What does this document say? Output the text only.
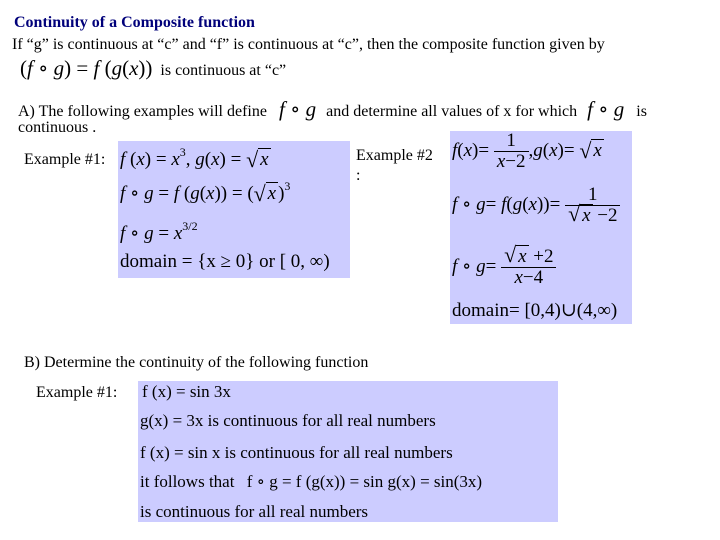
Continuity of a Composite function
If “g” is continuous at “c” and “f” is continuous at “c”, then the composite function given by
(f ∘ g) = f (g(x)) is continuous at “c”
A) The following examples will define f ∘ g and determine all values of x for which f ∘ g is
continuous .
Example #1: f $(x) = x^3$, g(x) = √ x
f ∘ g = f (g(x)) = ( √ x )$^3$
f ∘ $g = x^{3/2}$
domain = {x ≥ 0} or [ 0, ∞)
Example #2
:
$f(x)= \frac{1}{x-2} ,g(x)=$ √ x
f ∘ g= f(g(x))= 1
√ x −2
f ∘ g= √ $\frac{x +2}{x-4}$
domain= [0,4)∪(4,∞)
B) Determine the continuity of the following function
Example #1: f (x) = sin 3x
g(x) = 3x is continuous for all real numbers
f (x) = sin x is continuous for all real numbers
it follows that f ∘ g = f (g(x)) = sin g(x) = sin(3x)
is continuous for all real numbers
